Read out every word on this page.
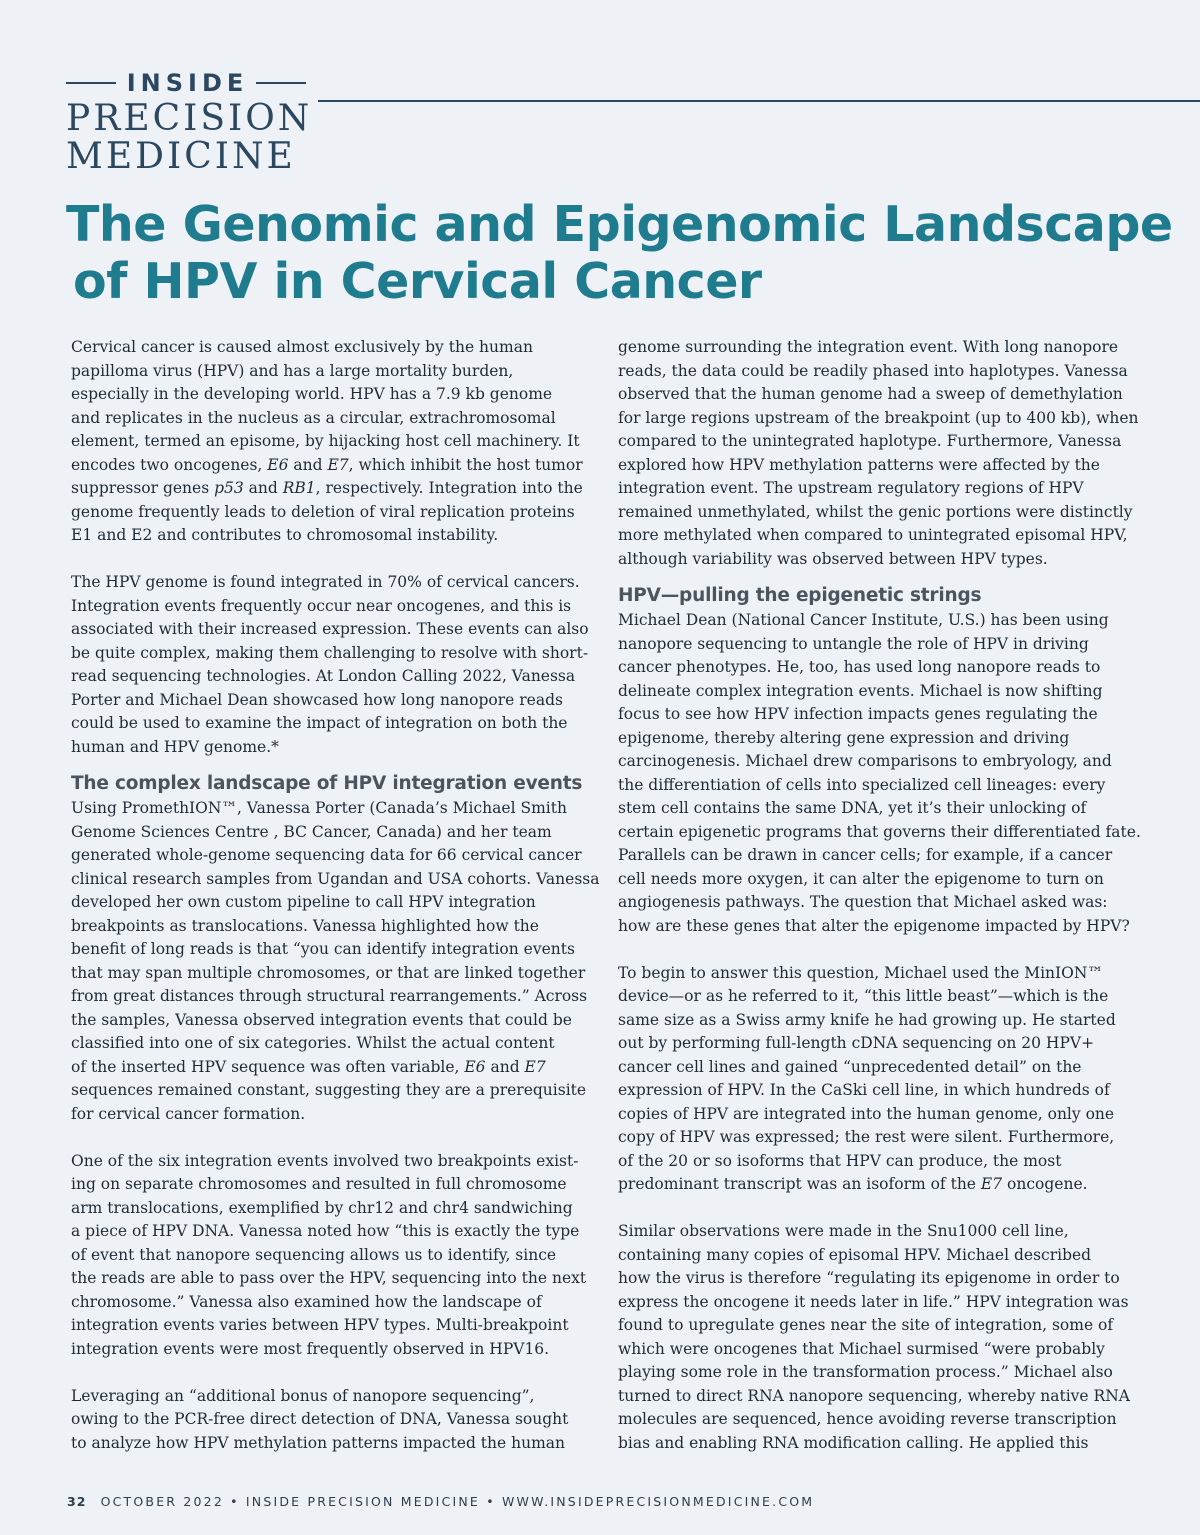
INSIDE
PRECISION
MEDICINE
The Genomic and Epigenomic Landscape
of HPV in Cervical Cancer

Cervical cancer is caused almost exclusively by the human
papilloma virus (HPV) and has a large mortality burden,
especially in the developing world. HPV has a 7.9 kb genome
and replicates in the nucleus as a circular, extrachromosomal
element, termed an episome, by hijacking host cell machinery. It
encodes two oncogenes, E6 and E7, which inhibit the host tumor
suppressor genes p53 and RB1, respectively. Integration into the
genome frequently leads to deletion of viral replication proteins
E1 and E2 and contributes to chromosomal instability.

The HPV genome is found integrated in 70% of cervical cancers.
Integration events frequently occur near oncogenes, and this is
associated with their increased expression. These events can also
be quite complex, making them challenging to resolve with short-
read sequencing technologies. At London Calling 2022, Vanessa
Porter and Michael Dean showcased how long nanopore reads
could be used to examine the impact of integration on both the
human and HPV genome.*

The complex landscape of HPV integration events

Using PromethION™, Vanessa Porter (Canada’s Michael Smith
Genome Sciences Centre , BC Cancer, Canada) and her team
generated whole-genome sequencing data for 66 cervical cancer
clinical research samples from Ugandan and USA cohorts. Vanessa
developed her own custom pipeline to call HPV integration
breakpoints as translocations. Vanessa highlighted how the
benefit of long reads is that “you can identify integration events
that may span multiple chromosomes, or that are linked together
from great distances through structural rearrangements.” Across
the samples, Vanessa observed integration events that could be
classified into one of six categories. Whilst the actual content
of the inserted HPV sequence was often variable, E6 and E7
sequences remained constant, suggesting they are a prerequisite
for cervical cancer formation.

One of the six integration events involved two breakpoints exist-
ing on separate chromosomes and resulted in full chromosome
arm translocations, exemplified by chr12 and chr4 sandwiching
a piece of HPV DNA. Vanessa noted how “this is exactly the type
of event that nanopore sequencing allows us to identify, since
the reads are able to pass over the HPV, sequencing into the next
chromosome.” Vanessa also examined how the landscape of
integration events varies between HPV types. Multi-breakpoint
integration events were most frequently observed in HPV16.

Leveraging an “additional bonus of nanopore sequencing”,
owing to the PCR-free direct detection of DNA, Vanessa sought
to analyze how HPV methylation patterns impacted the human

genome surrounding the integration event. With long nanopore
reads, the data could be readily phased into haplotypes. Vanessa
observed that the human genome had a sweep of demethylation
for large regions upstream of the breakpoint (up to 400 kb), when
compared to the unintegrated haplotype. Furthermore, Vanessa
explored how HPV methylation patterns were affected by the
integration event. The upstream regulatory regions of HPV
remained unmethylated, whilst the genic portions were distinctly
more methylated when compared to unintegrated episomal HPV,
although variability was observed between HPV types.

HPV—pulling the epigenetic strings

Michael Dean (National Cancer Institute, U.S.) has been using
nanopore sequencing to untangle the role of HPV in driving
cancer phenotypes. He, too, has used long nanopore reads to
delineate complex integration events. Michael is now shifting
focus to see how HPV infection impacts genes regulating the
epigenome, thereby altering gene expression and driving
carcinogenesis. Michael drew comparisons to embryology, and
the differentiation of cells into specialized cell lineages: every
stem cell contains the same DNA, yet it’s their unlocking of
certain epigenetic programs that governs their differentiated fate.
Parallels can be drawn in cancer cells; for example, if a cancer
cell needs more oxygen, it can alter the epigenome to turn on
angiogenesis pathways. The question that Michael asked was:
how are these genes that alter the epigenome impacted by HPV?

To begin to answer this question, Michael used the MinION™
device—or as he referred to it, “this little beast”—which is the
same size as a Swiss army knife he had growing up. He started
out by performing full-length cDNA sequencing on 20 HPV+
cancer cell lines and gained “unprecedented detail” on the
expression of HPV. In the CaSki cell line, in which hundreds of
copies of HPV are integrated into the human genome, only one
copy of HPV was expressed; the rest were silent. Furthermore,
of the 20 or so isoforms that HPV can produce, the most
predominant transcript was an isoform of the E7 oncogene.

Similar observations were made in the Snu1000 cell line,
containing many copies of episomal HPV. Michael described
how the virus is therefore “regulating its epigenome in order to
express the oncogene it needs later in life.” HPV integration was
found to upregulate genes near the site of integration, some of
which were oncogenes that Michael surmised “were probably
playing some role in the transformation process.” Michael also
turned to direct RNA nanopore sequencing, whereby native RNA
molecules are sequenced, hence avoiding reverse transcription
bias and enabling RNA modification calling. He applied this

32 OCTOBER 2022 • INSIDE PRECISION MEDICINE • WWW.INSIDEPRECISIONMEDICINE.COM
